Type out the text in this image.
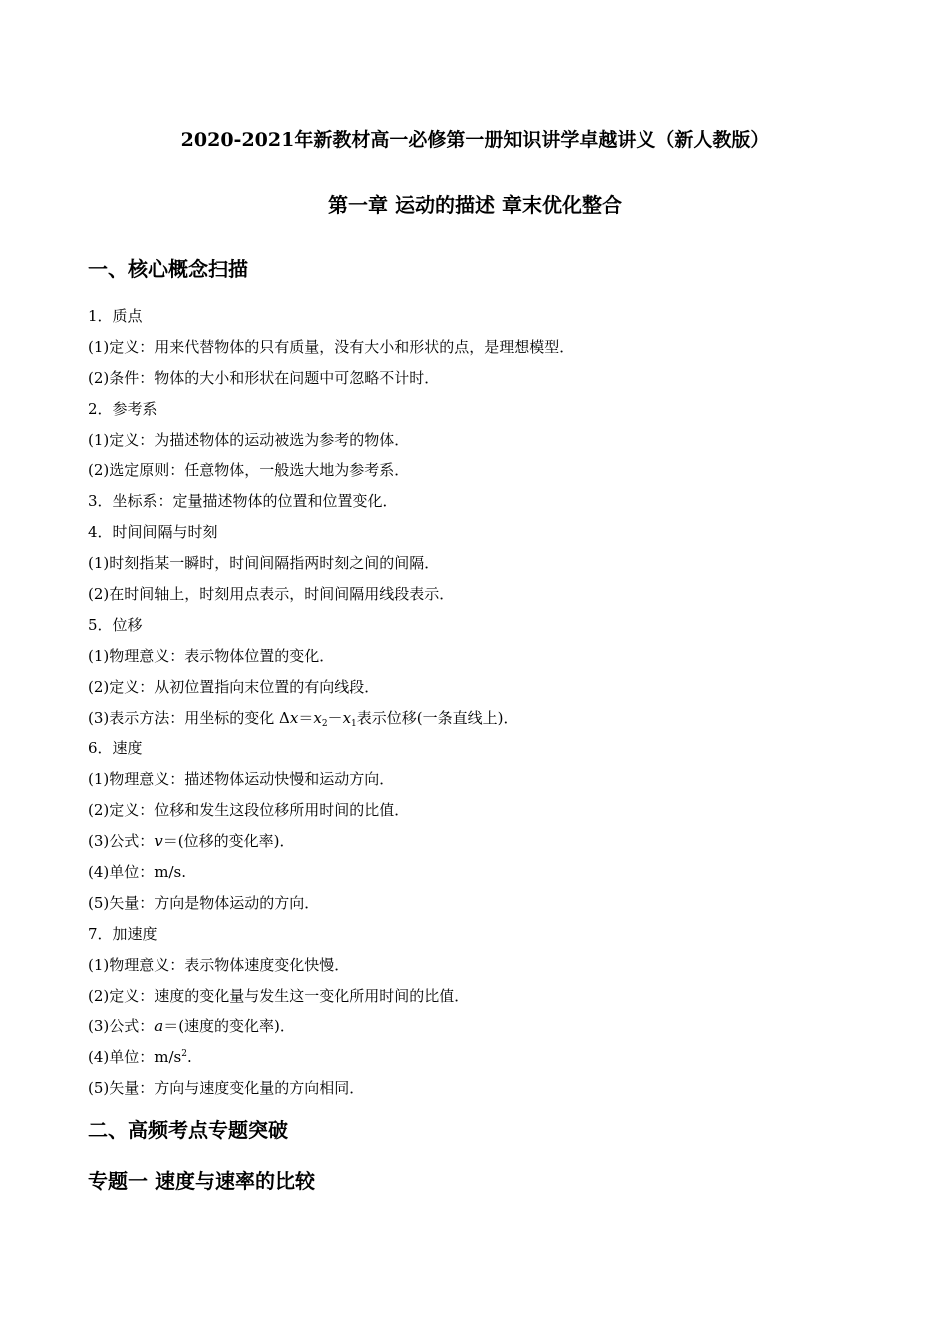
2020-2021年新教材高一必修第一册知识讲学卓越讲义（新人教版）
第一章 运动的描述 章末优化整合
一、核心概念扫描
1．质点
(1)定义：用来代替物体的只有质量，没有大小和形状的点，是理想模型．
(2)条件：物体的大小和形状在问题中可忽略不计时．
2．参考系
(1)定义：为描述物体的运动被选为参考的物体．
(2)选定原则：任意物体，一般选大地为参考系．
3．坐标系：定量描述物体的位置和位置变化．
4．时间间隔与时刻
(1)时刻指某一瞬时，时间间隔指两时刻之间的间隔．
(2)在时间轴上，时刻用点表示，时间间隔用线段表示．
5．位移
(1)物理意义：表示物体位置的变化．
(2)定义：从初位置指向末位置的有向线段．
(3)表示方法：用坐标的变化 $\Delta x=x_2-x_1$表示位移(一条直线上)．
6．速度
(1)物理意义：描述物体运动快慢和运动方向．
(2)定义：位移和发生这段位移所用时间的比值．
(3)公式：v＝(位移的变化率)．
(4)单位：m/s.
(5)矢量：方向是物体运动的方向．
7．加速度
(1)物理意义：表示物体速度变化快慢．
(2)定义：速度的变化量与发生这一变化所用时间的比值．
(3)公式：a＝(速度的变化率)．
(4)单位：$m/s^2$.
(5)矢量：方向与速度变化量的方向相同．
二、高频考点专题突破
专题一 速度与速率的比较
